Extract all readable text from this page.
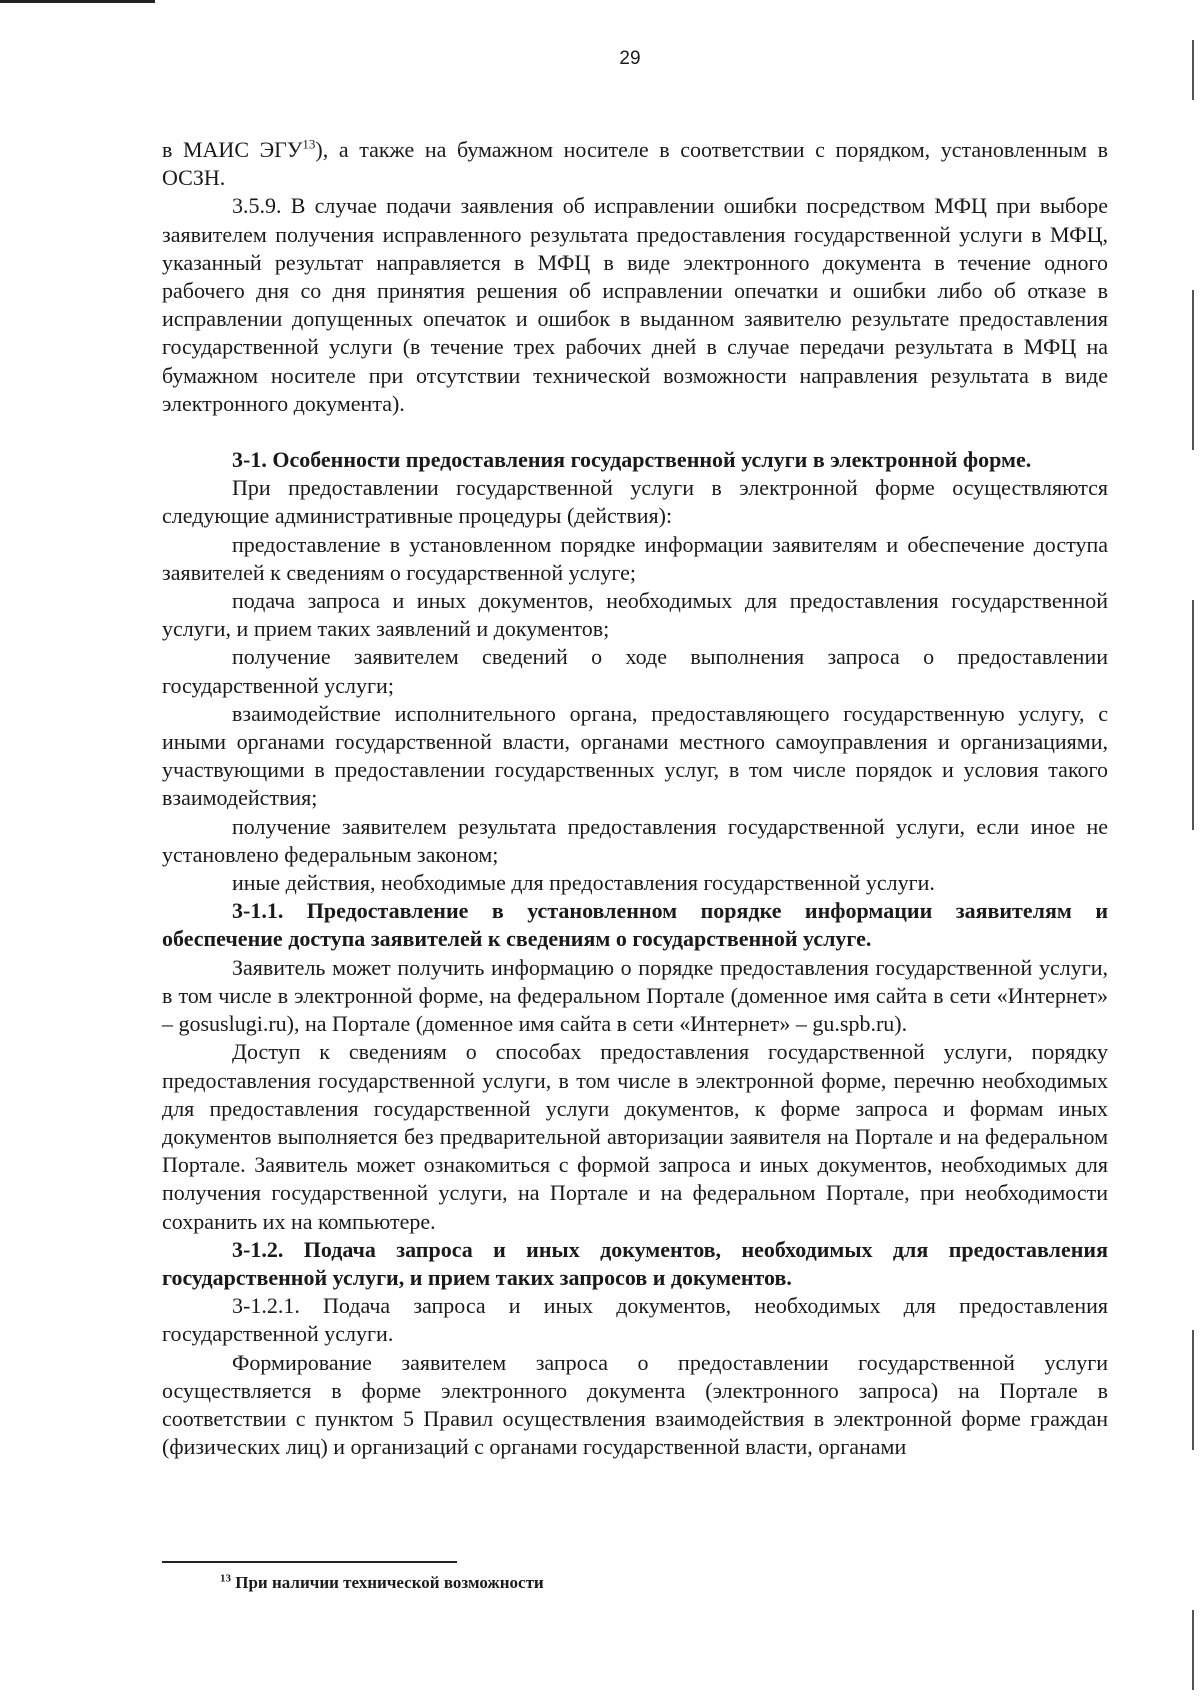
29

в МАИС ЭГУ$^{13}$), а также на бумажном носителе в соответствии с порядком, установленным в ОСЗН.

3.5.9. В случае подачи заявления об исправлении ошибки посредством МФЦ при выборе заявителем получения исправленного результата предоставления государственной услуги в МФЦ, указанный результат направляется в МФЦ в виде электронного документа в течение одного рабочего дня со дня принятия решения об исправлении опечатки и ошибки либо об отказе в исправлении допущенных опечаток и ошибок в выданном заявителю результате предоставления государственной услуги (в течение трех рабочих дней в случае передачи результата в МФЦ на бумажном носителе при отсутствии технической возможности направления результата в виде электронного документа).

3-1. Особенности предоставления государственной услуги в электронной форме.

При предоставлении государственной услуги в электронной форме осуществляются следующие административные процедуры (действия):

предоставление в установленном порядке информации заявителям и обеспечение доступа заявителей к сведениям о государственной услуге;

подача запроса и иных документов, необходимых для предоставления государственной услуги, и прием таких заявлений и документов;

получение заявителем сведений о ходе выполнения запроса о предоставлении государственной услуги;

взаимодействие исполнительного органа, предоставляющего государственную услугу, с иными органами государственной власти, органами местного самоуправления и организациями, участвующими в предоставлении государственных услуг, в том числе порядок и условия такого взаимодействия;

получение заявителем результата предоставления государственной услуги, если иное не установлено федеральным законом;

иные действия, необходимые для предоставления государственной услуги.

3-1.1. Предоставление в установленном порядке информации заявителям и обеспечение доступа заявителей к сведениям о государственной услуге.

Заявитель может получить информацию о порядке предоставления государственной услуги, в том числе в электронной форме, на федеральном Портале (доменное имя сайта в сети «Интернет» – gosuslugi.ru), на Портале (доменное имя сайта в сети «Интернет» – gu.spb.ru).

Доступ к сведениям о способах предоставления государственной услуги, порядку предоставления государственной услуги, в том числе в электронной форме, перечню необходимых для предоставления государственной услуги документов, к форме запроса и формам иных документов выполняется без предварительной авторизации заявителя на Портале и на федеральном Портале. Заявитель может ознакомиться с формой запроса и иных документов, необходимых для получения государственной услуги, на Портале и на федеральном Портале, при необходимости сохранить их на компьютере.

3-1.2. Подача запроса и иных документов, необходимых для предоставления государственной услуги, и прием таких запросов и документов.

3-1.2.1. Подача запроса и иных документов, необходимых для предоставления государственной услуги.

Формирование заявителем запроса о предоставлении государственной услуги осуществляется в форме электронного документа (электронного запроса) на Портале в соответствии с пунктом 5 Правил осуществления взаимодействия в электронной форме граждан (физических лиц) и организаций с органами государственной власти, органами

$^{13}$ При наличии технической возможности
